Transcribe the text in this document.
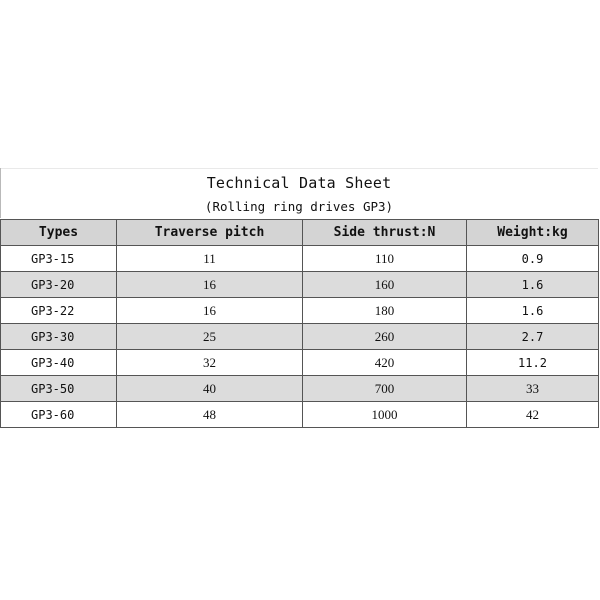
Technical Data Sheet
(Rolling ring drives GP3)
Types	Traverse pitch	Side thrust:N	Weight:kg
GP3-15	11	110	0.9
GP3-20	16	160	1.6
GP3-22	16	180	1.6
GP3-30	25	260	2.7
GP3-40	32	420	11.2
GP3-50	40	700	33
GP3-60	48	1000	42
